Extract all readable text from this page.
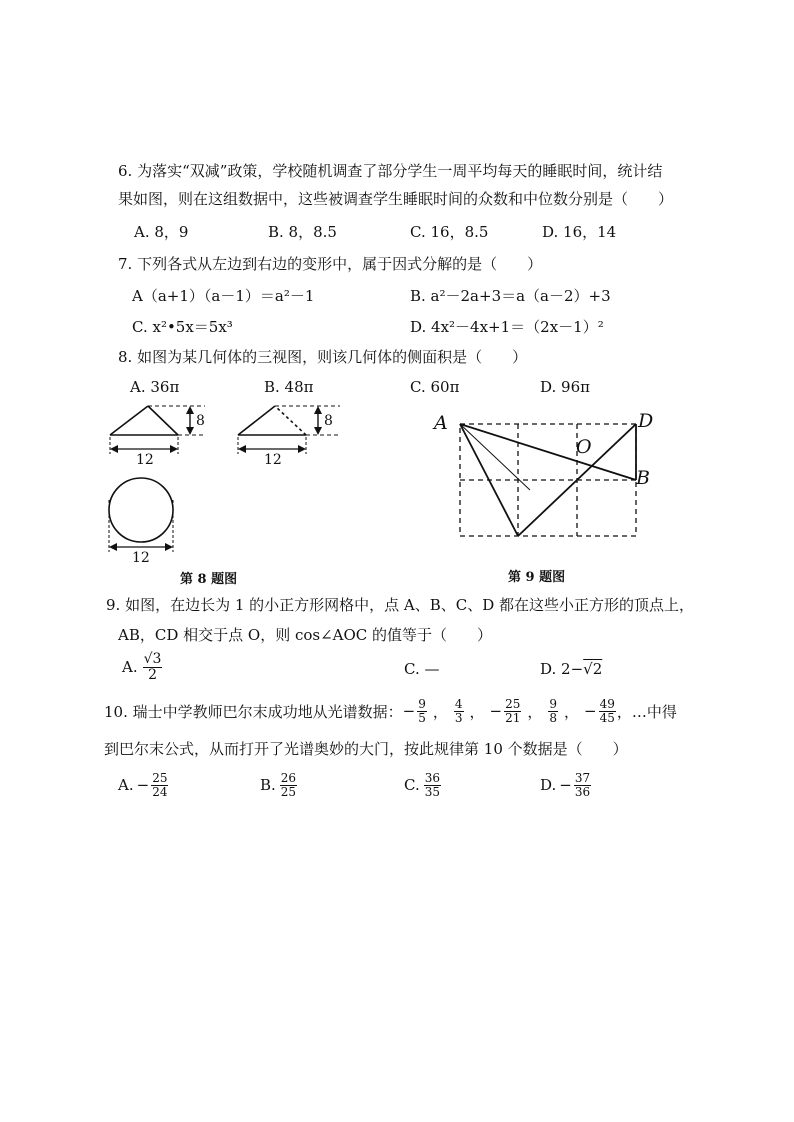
6. 为落实“双减”政策，学校随机调查了部分学生一周平均每天的睡眠时间，统计结
果如图，则在这组数据中，这些被调查学生睡眠时间的众数和中位数分别是（　　）
A. 8，9	B. 8，8.5	C. 16，8.5	D. 16，14
7. 下列各式从左边到右边的变形中，属于因式分解的是（　　）
A（a+1）（a－1）＝a²－1	B. a²－2a+3＝a（a－2）+3
C. x²•5x＝5x³	D. 4x²－4x+1＝（2x－1）²
8. 如图为某几何体的三视图，则该几何体的侧面积是（　　）
A. 36π	B. 48π	C. 60π	D. 96π
8	8
12	12
12
第 8 题图
A	D
O
B
第 9 题图
9. 如图，在边长为 1 的小正方形网格中，点 A、B、C、D 都在这些小正方形的顶点上，
AB，CD 相交于点 O，则 cos∠AOC 的值等于（　　）
A. $\frac{√3}{2}$	C. —	D. 2−√2
10. 瑞士中学教师巴尔末成功地从光谱数据： − $\frac{9}{5}$ ， $\frac{4}{3}$ ， − $\frac{25}{21}$ ， $\frac{9}{8}$ ， − $\frac{49}{45}$ ，…中得
到巴尔末公式，从而打开了光谱奥妙的大门，按此规律第 10 个数据是（　　）
A. − $\frac{25}{24}$	B. $\frac{26}{25}$	C. $\frac{36}{35}$	D. − $\frac{37}{36}$
